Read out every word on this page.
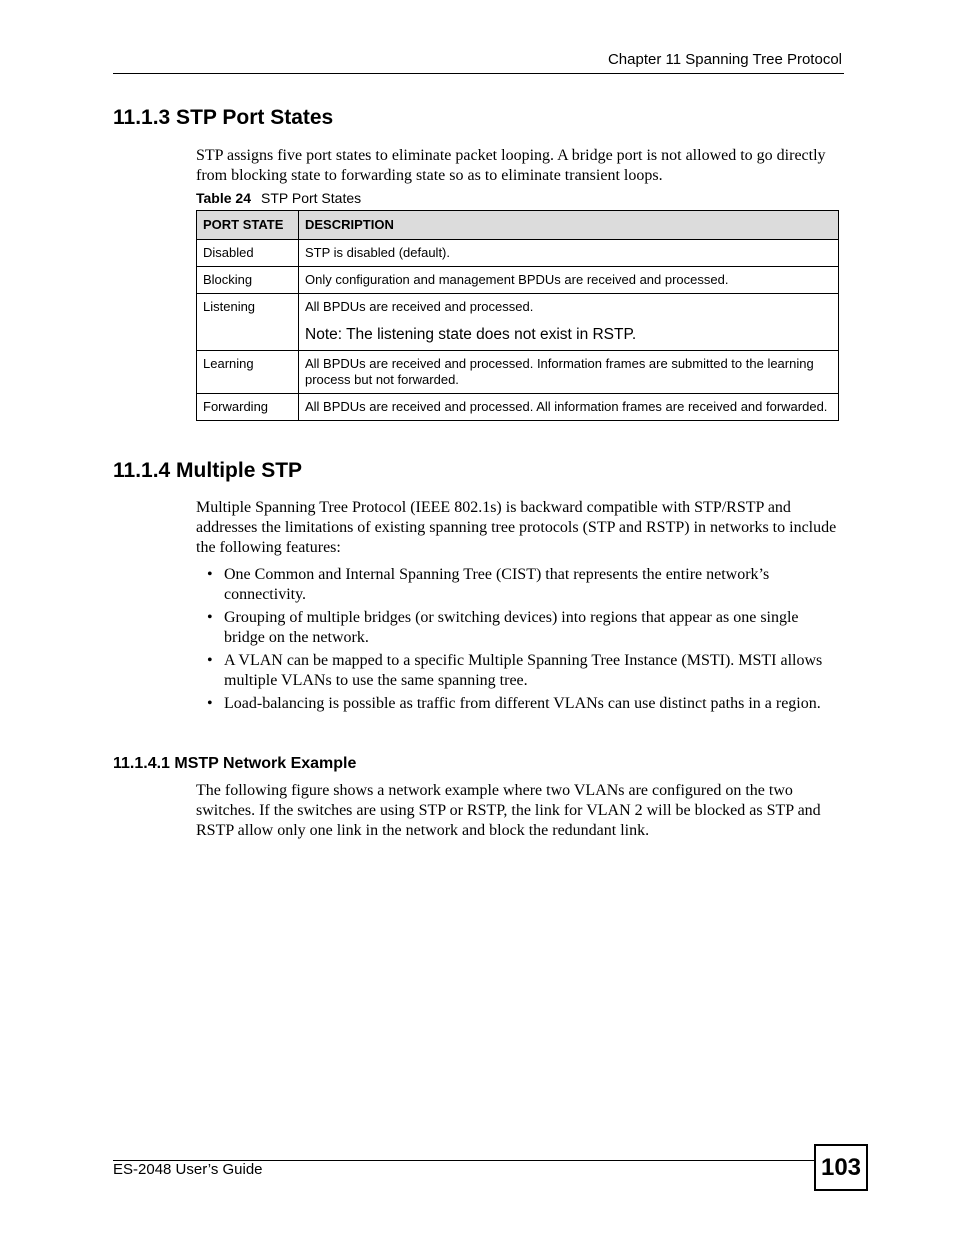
Chapter 11 Spanning Tree Protocol
11.1.3 STP Port States

STP assigns five port states to eliminate packet looping. A bridge port is not allowed to go directly from blocking state to forwarding state so as to eliminate transient loops.

Table 24 STP Port States
PORT STATE	DESCRIPTION
Disabled	STP is disabled (default).
Blocking	Only configuration and management BPDUs are received and processed.
Listening	All BPDUs are received and processed.
Note: The listening state does not exist in RSTP.

Learning	All BPDUs are received and processed. Information frames are submitted to the learning process but not forwarded.
Forwarding	All BPDUs are received and processed. All information frames are received and forwarded.
11.1.4 Multiple STP

Multiple Spanning Tree Protocol (IEEE 802.1s) is backward compatible with STP/RSTP and addresses the limitations of existing spanning tree protocols (STP and RSTP) in networks to include the following features:

• One Common and Internal Spanning Tree (CIST) that represents the entire network’s connectivity.
• Grouping of multiple bridges (or switching devices) into regions that appear as one single bridge on the network.
• A VLAN can be mapped to a specific Multiple Spanning Tree Instance (MSTI). MSTI allows multiple VLANs to use the same spanning tree.
• Load-balancing is possible as traffic from different VLANs can use distinct paths in a region.
11.1.4.1 MSTP Network Example

The following figure shows a network example where two VLANs are configured on the two switches. If the switches are using STP or RSTP, the link for VLAN 2 will be blocked as STP and RSTP allow only one link in the network and block the redundant link.

ES-2048 User’s Guide	103
